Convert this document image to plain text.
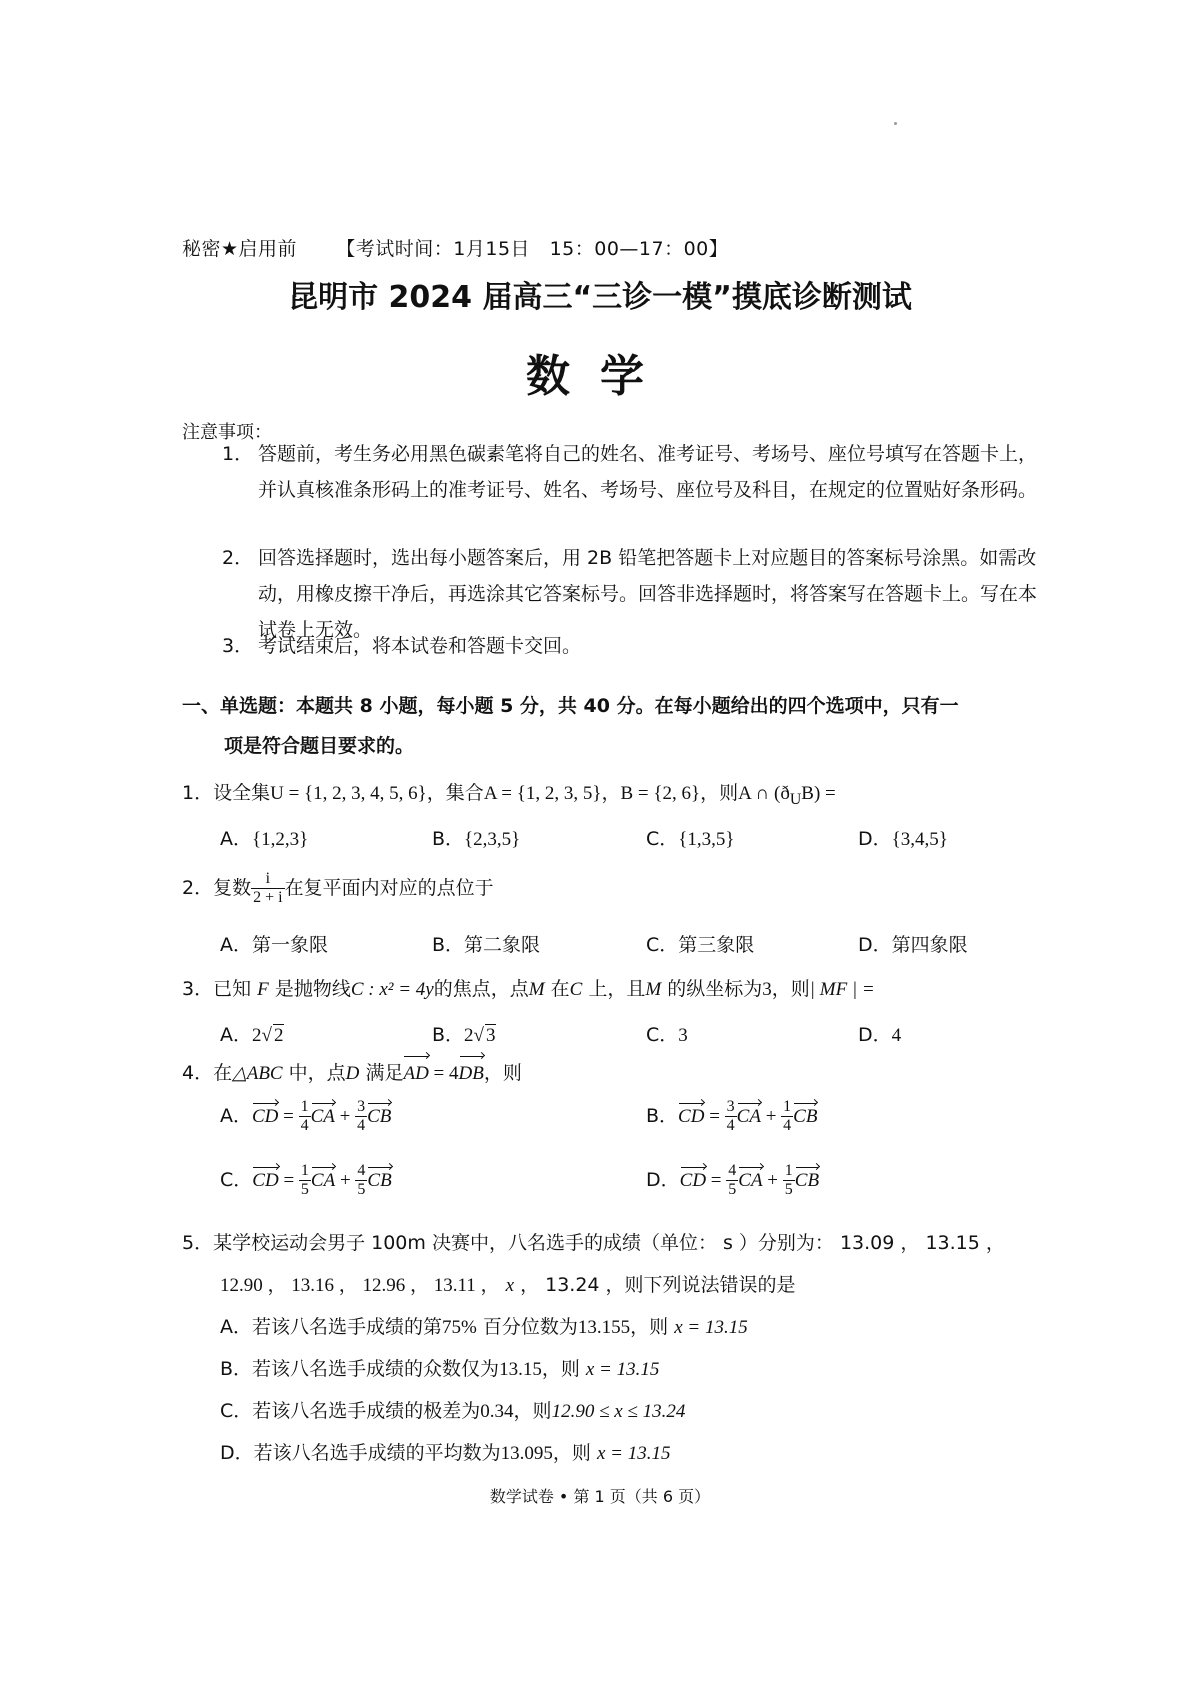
秘密★启用前 【考试时间：1月15日　15：00—17：00】
昆明市 2024 届高三“三诊一模”摸底诊断测试
数学
注意事项：
1． 答题前，考生务必用黑色碳素笔将自己的姓名、准考证号、考场号、座位号填写在答题卡上，并认真核准条形码上的准考证号、姓名、考场号、座位号及科目，在规定的位置贴好条形码。
2． 回答选择题时，选出每小题答案后，用 2B 铅笔把答题卡上对应题目的答案标号涂黑。如需改动，用橡皮擦干净后，再选涂其它答案标号。回答非选择题时，将答案写在答题卡上。写在本试卷上无效。
3． 考试结束后，将本试卷和答题卡交回。
一、单选题：本题共 8 小题，每小题 5 分，共 40 分。在每小题给出的四个选项中，只有一
项是符合题目要求的。
1．设全集U = {1, 2, 3, 4, 5, 6}，集合A = {1, 2, 3, 5}，B = {2, 6}，则A ∩ $(ð_UB)$ =
A．{1,2,3}	B．{2,3,5}	C．{1,3,5}	D．{3,4,5}
2．复数 $\frac{i}{2 + i}$ 在复平面内对应的点位于
A．第一象限	B．第二象限	C．第三象限	D．第四象限
3．已知 F 是抛物线C : x² = 4y的焦点，点M 在C 上，且M 的纵坐标为3，则| MF | =
A．2√ 2	B．2√ 3	C．3	D．4
4．在△ABC 中，点D 满足AD = 4DB，则
A．CD = $\frac{1}{4}$ CA + $\frac{3}{4}$ CB	B．CD = $\frac{3}{4}$ CA + $\frac{1}{4}$ CB
C．CD = $\frac{1}{5}$ CA + $\frac{4}{5}$ CB	D．CD = $\frac{4}{5}$ CA + $\frac{1}{5}$ CB
5．某学校运动会男子 100m 决赛中，八名选手的成绩（单位： s ）分别为： 13.09 ， 13.15 ，
12.90 ， 13.16 ， 12.96 ， 13.11 ， x ， 13.24 ，则下列说法错误的是
A．若该八名选手成绩的第75% 百分位数为13.155，则 x = 13.15
B．若该八名选手成绩的众数仅为13.15，则 x = 13.15
C．若该八名选手成绩的极差为0.34，则12.90 ≤ x ≤ 13.24
D．若该八名选手成绩的平均数为13.095，则 x = 13.15
数学试卷 • 第 1 页（共 6 页）
